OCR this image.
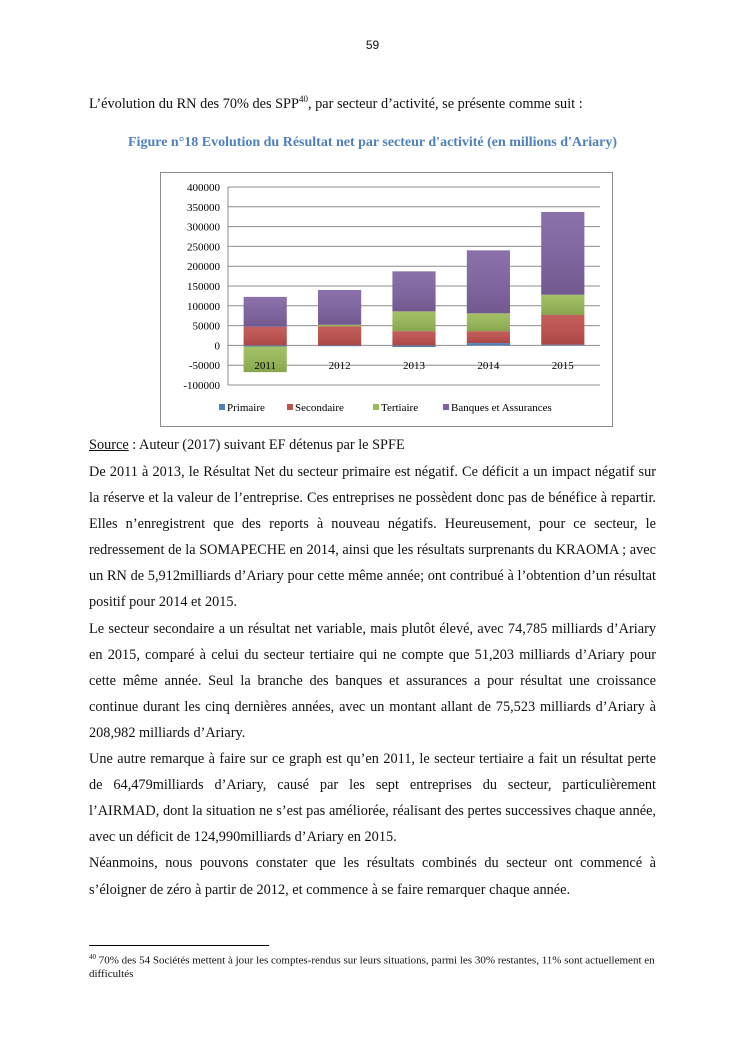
59
L’évolution du RN des 70% des SPP$^{40}$, par secteur d’activité, se présente comme suit :
Figure n°18 Evolution du Résultat net par secteur d'activité (en millions d'Ariary)
400000
350000
300000
250000
200000
150000
100000
50000
0
-50000
-100000
2011	2012	2013	2014	2015
Primaire	Secondaire	Tertiaire	Banques et Assurances
Source : Auteur (2017) suivant EF détenus par le SPFE

De 2011 à 2013, le Résultat Net du secteur primaire est négatif. Ce déficit a un impact négatif sur la réserve et la valeur de l’entreprise. Ces entreprises ne possèdent donc pas de bénéfice à repartir. Elles n’enregistrent que des reports à nouveau négatifs. Heureusement, pour ce secteur, le redressement de la SOMAPECHE en 2014, ainsi que les résultats surprenants du KRAOMA ; avec un RN de 5,912milliards d’Ariary pour cette même année; ont contribué à l’obtention d’un résultat positif pour 2014 et 2015.

Le secteur secondaire a un résultat net variable, mais plutôt élevé, avec 74,785 milliards d’Ariary en 2015, comparé à celui du secteur tertiaire qui ne compte que 51,203 milliards d’Ariary pour cette même année. Seul la branche des banques et assurances a pour résultat une croissance continue durant les cinq dernières années, avec un montant allant de 75,523 milliards d’Ariary à 208,982 milliards d’Ariary.

Une autre remarque à faire sur ce graph est qu’en 2011, le secteur tertiaire a fait un résultat perte de 64,479milliards d’Ariary, causé par les sept entreprises du secteur, particulièrement l’AIRMAD, dont la situation ne s’est pas améliorée, réalisant des pertes successives chaque année, avec un déficit de 124,990milliards d’Ariary en 2015.

Néanmoins, nous pouvons constater que les résultats combinés du secteur ont commencé à s’éloigner de zéro à partir de 2012, et commence à se faire remarquer chaque année.

$^{40}$ 70% des 54 Sociétés mettent à jour les comptes-rendus sur leurs situations, parmi les 30% restantes, 11% sont actuellement en difficultés
